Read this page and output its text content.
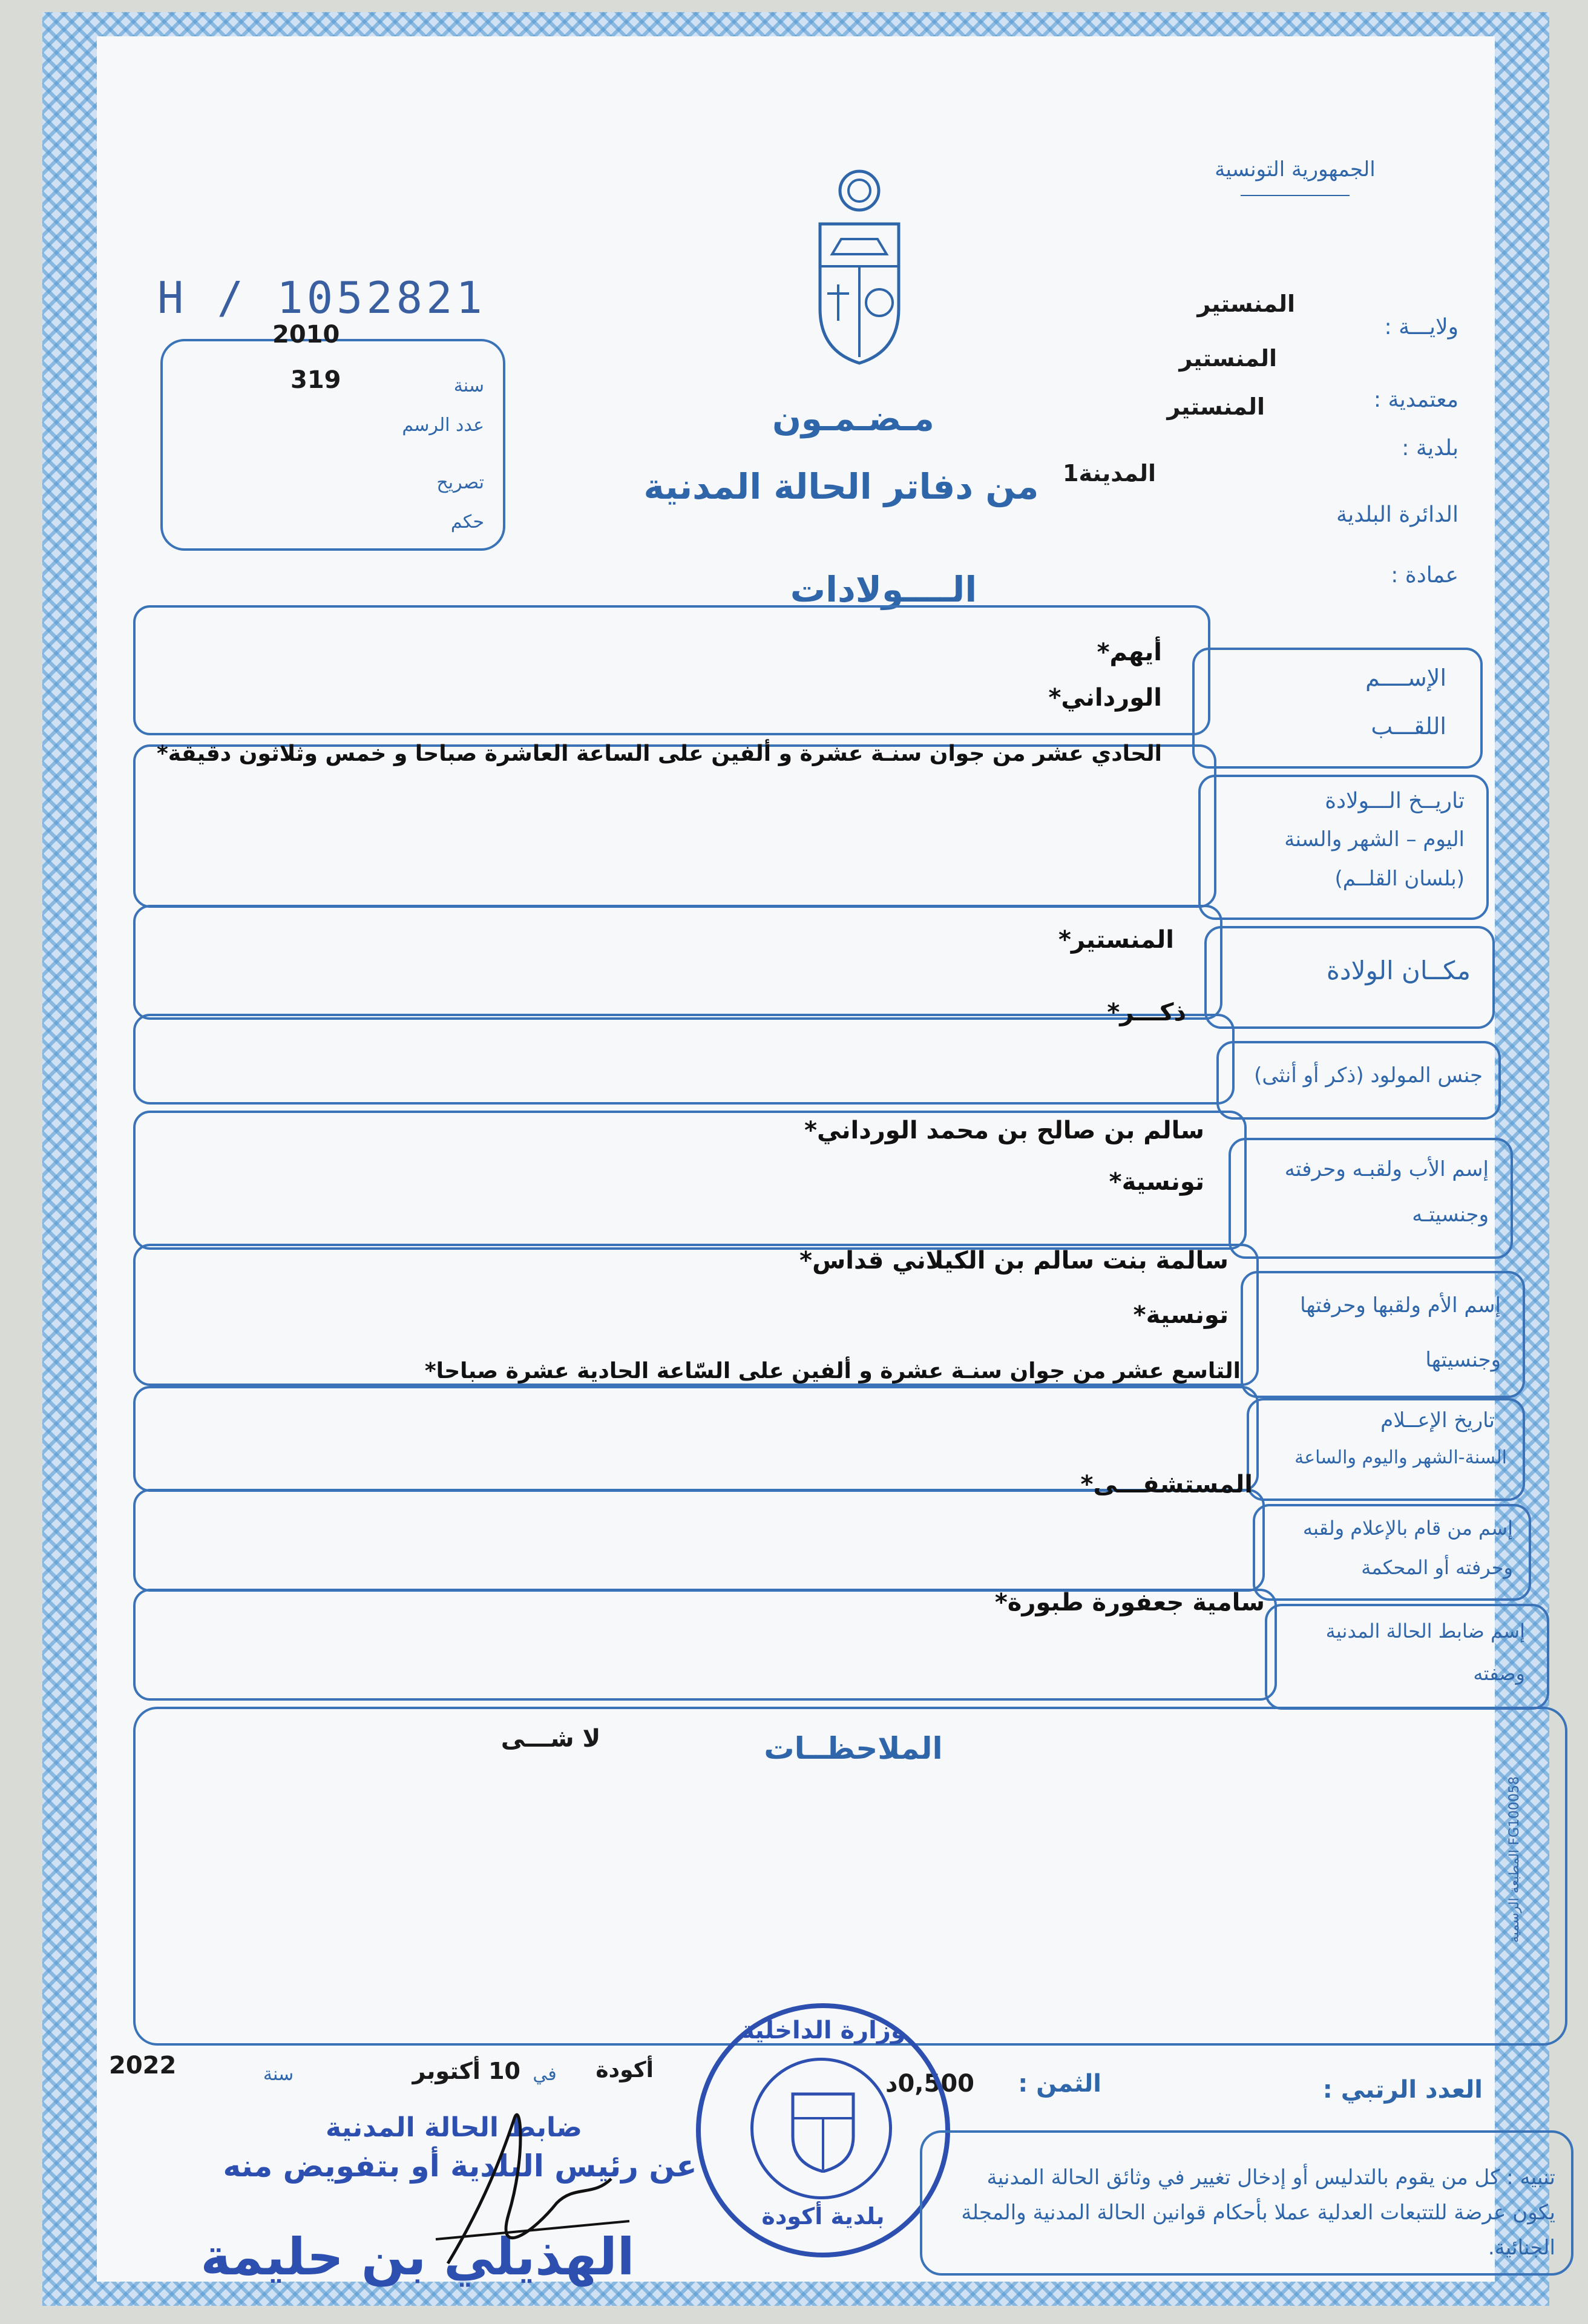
الجمهورية التونسية
H / 1052821
2010
319	سنة
عدد الرسم
تصريح
حكم
مـضـمـون
من دفاتر الحالة المدنية
الــــولادات
ولايـــة :
المنستير
معتمدية :
المنستير
بلدية :
المنستير
الدائرة البلدية
المدينة1
عمادة :
الإســــم
اللقـــب
أيهم*
الورداني*
تاريــخ الـــولادة
اليوم – الشهر والسنة
(بلسان القلــم)
الحادي عشر من جوان سنـة عشرة و ألفين على الساعة العاشرة صباحا و خمس وثلاثون دقيقة*
مكــان الولادة
المنستير*
جنس المولود (ذكر أو أنثى)
ذكـــر*
إسم الأب ولقبـه وحرفته
وجنسيتـه
سالم بن صالح بن محمد الورداني*
تونسية*
إسم الأم ولقبها وحرفتها
وجنسيتها
سالمة بنت سالم بن الكيلاني قداس*
تونسية*
تاريخ الإعــلام
السنة-الشهر واليوم والساعة
التاسع عشر من جوان سنـة عشرة و ألفين على السّاعة الحادية عشرة صباحا*
إسم من قام بالإعلام ولقبه
وحرفته أو المحكمة
المستشفـــى*
إسم ضابط الحالة المدنية
وصفته
سامية جعفورة طبورة*
الملاحظــات
لا شـــى
المطبعة الرسمية FG100058
العدد الرتبي :
الثمن :
0,500د
أكودة
في
10 أكتوبر
سنة
2022
ضابط الحالة المدنية
عن رئيس البلدية أو بتفويض منه
الهذيلي بن حليمة
وزارة الداخلية
بلدية أكودة
تنبيه : كل من يقوم بالتدليس أو إدخال تغيير في وثائق الحالة المدنية يكون عرضة للتتبعات العدلية عملا بأحكام قوانين الحالة المدنية والمجلة الجنائية.
